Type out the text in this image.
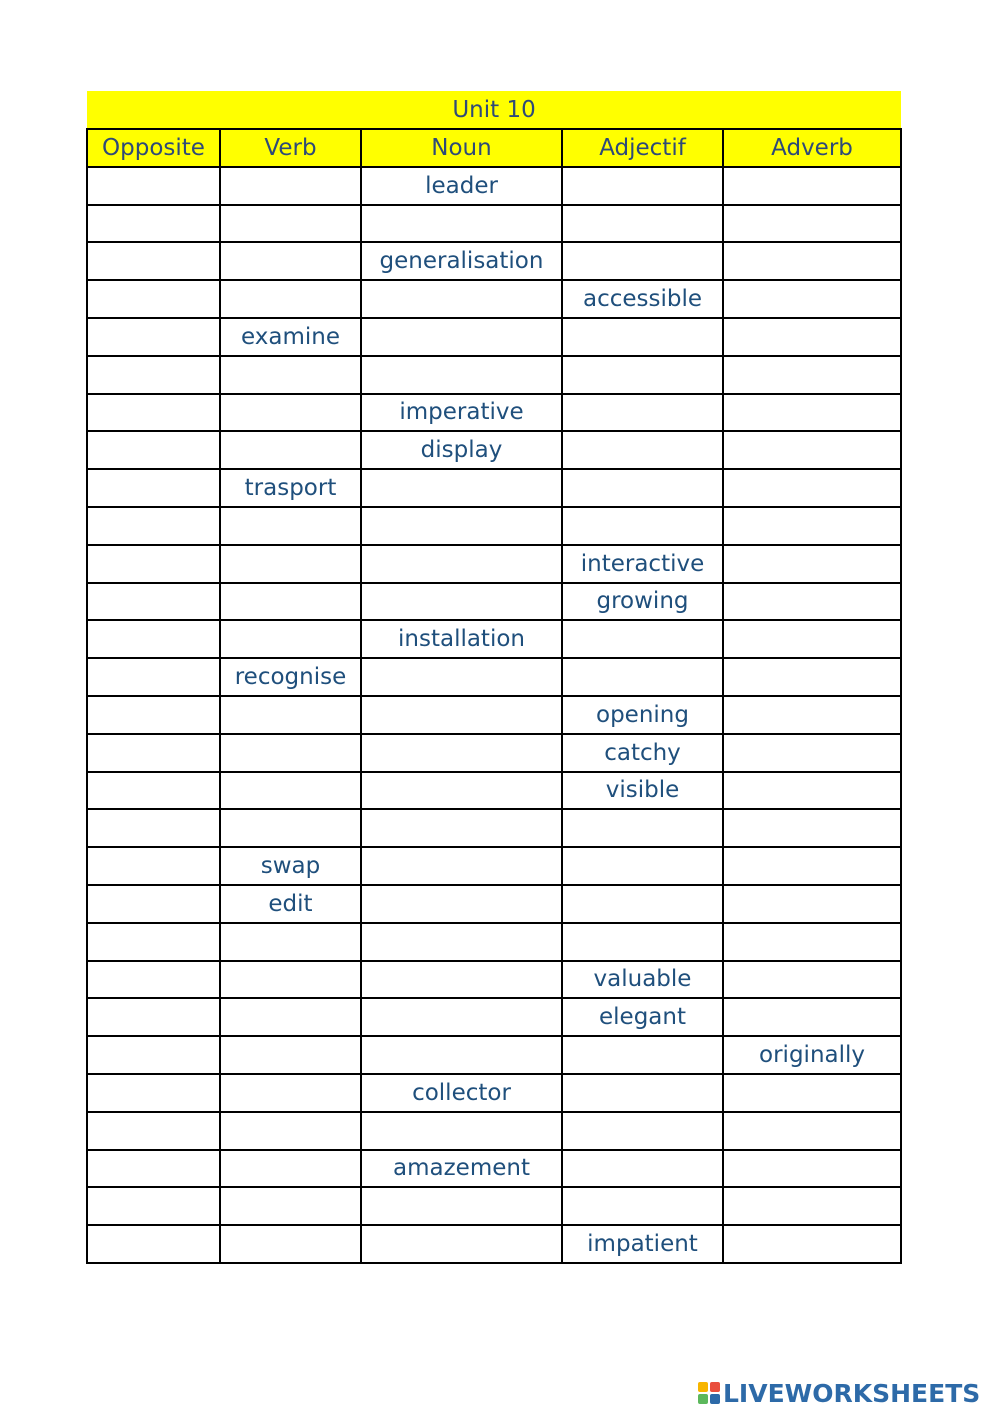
Unit 10				
Opposite	Verb	Noun	Adjectif	Adverb
		leader		

		generalisation		
			accessible	
	examine			

		imperative		
		display		
	trasport			

			interactive	
			growing	
		installation		
	recognise			
			opening	
			catchy	
			visible	

	swap			
	edit			

			valuable	
			elegant	
				originally
		collector		

		amazement		

			impatient	
LIVEWORKSHEETS
